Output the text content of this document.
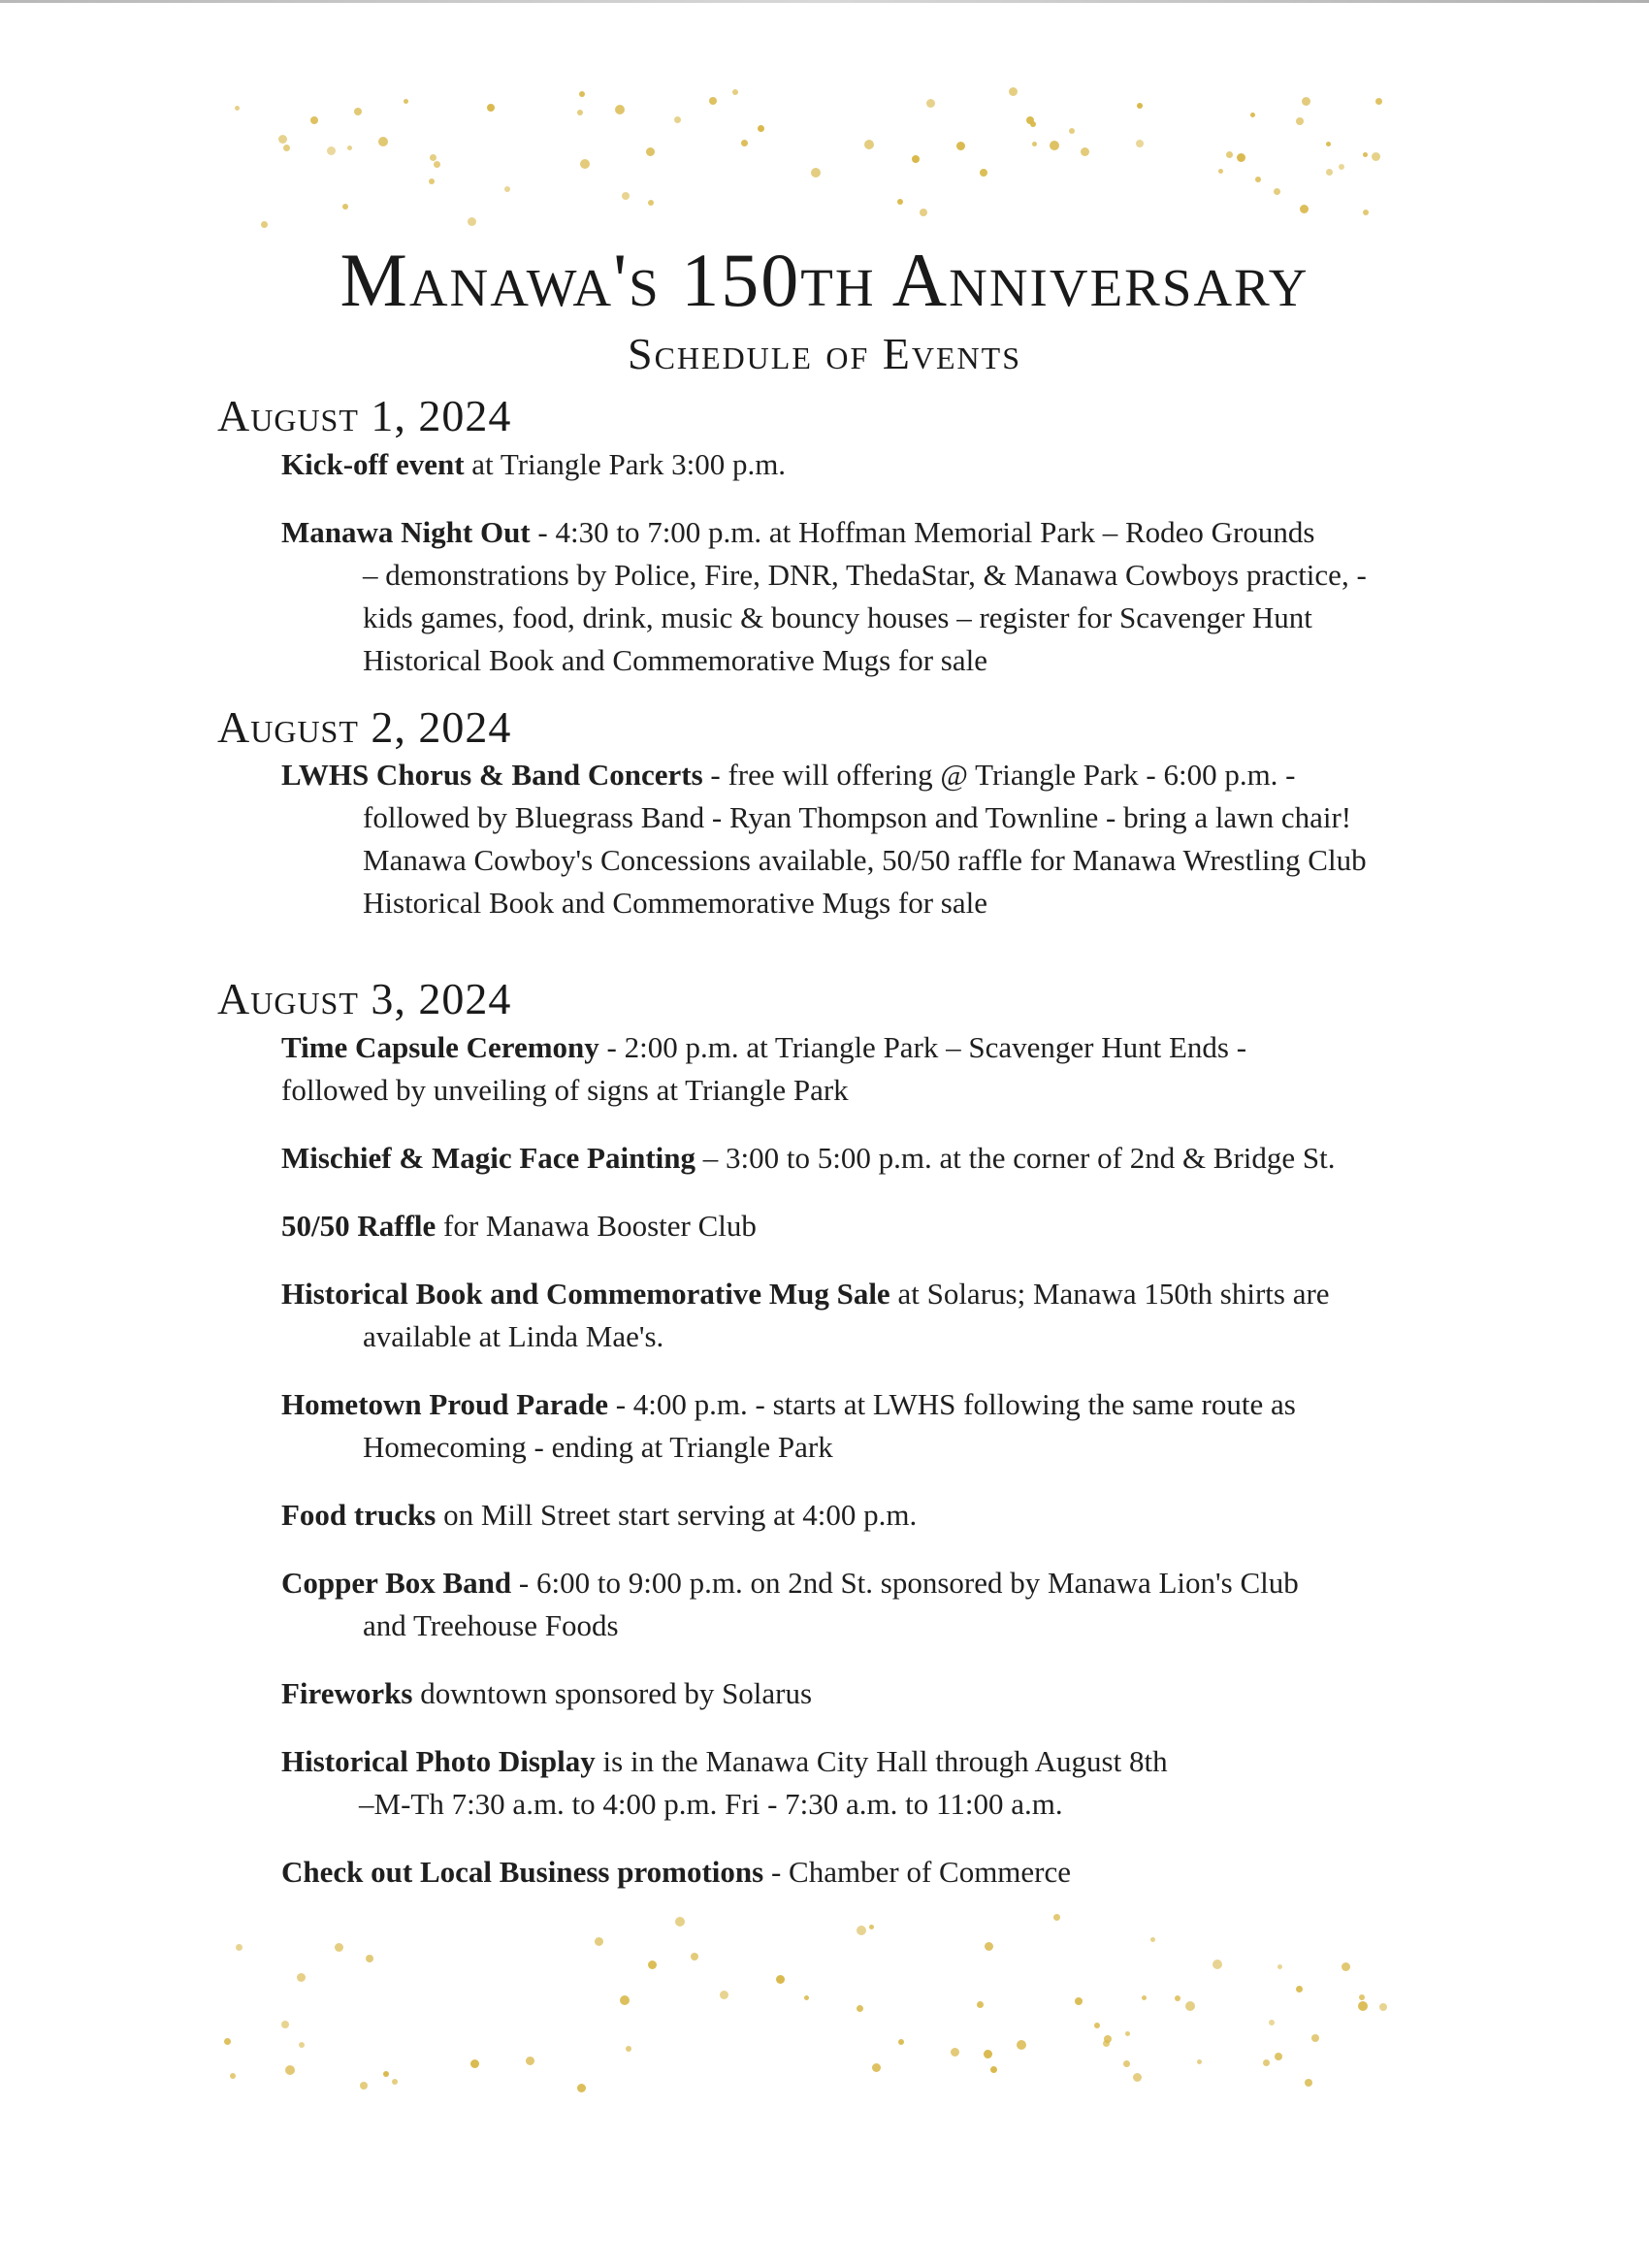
Manawa's 150th Anniversary
Schedule of Events
August 1, 2024
Kick-off event at Triangle Park 3:00 p.m.
Manawa Night Out - 4:30 to 7:00 p.m. at Hoffman Memorial Park – Rodeo Grounds
– demonstrations by Police, Fire, DNR, ThedaStar, & Manawa Cowboys practice, -
kids games, food, drink, music & bouncy houses – register for Scavenger Hunt
Historical Book and Commemorative Mugs for sale
August 2, 2024
LWHS Chorus & Band Concerts - free will offering @ Triangle Park - 6:00 p.m. -
followed by Bluegrass Band - Ryan Thompson and Townline - bring a lawn chair!
Manawa Cowboy's Concessions available, 50/50 raffle for Manawa Wrestling Club
Historical Book and Commemorative Mugs for sale
August 3, 2024
Time Capsule Ceremony - 2:00 p.m. at Triangle Park – Scavenger Hunt Ends -
followed by unveiling of signs at Triangle Park
Mischief & Magic Face Painting – 3:00 to 5:00 p.m. at the corner of 2nd & Bridge St.
50/50 Raffle for Manawa Booster Club
Historical Book and Commemorative Mug Sale at Solarus; Manawa 150th shirts are
available at Linda Mae's.
Hometown Proud Parade - 4:00 p.m. - starts at LWHS following the same route as
Homecoming - ending at Triangle Park
Food trucks on Mill Street start serving at 4:00 p.m.
Copper Box Band - 6:00 to 9:00 p.m. on 2nd St. sponsored by Manawa Lion's Club
and Treehouse Foods
Fireworks downtown sponsored by Solarus
Historical Photo Display is in the Manawa City Hall through August 8th
–M-Th 7:30 a.m. to 4:00 p.m. Fri - 7:30 a.m. to 11:00 a.m.
Check out Local Business promotions - Chamber of Commerce
